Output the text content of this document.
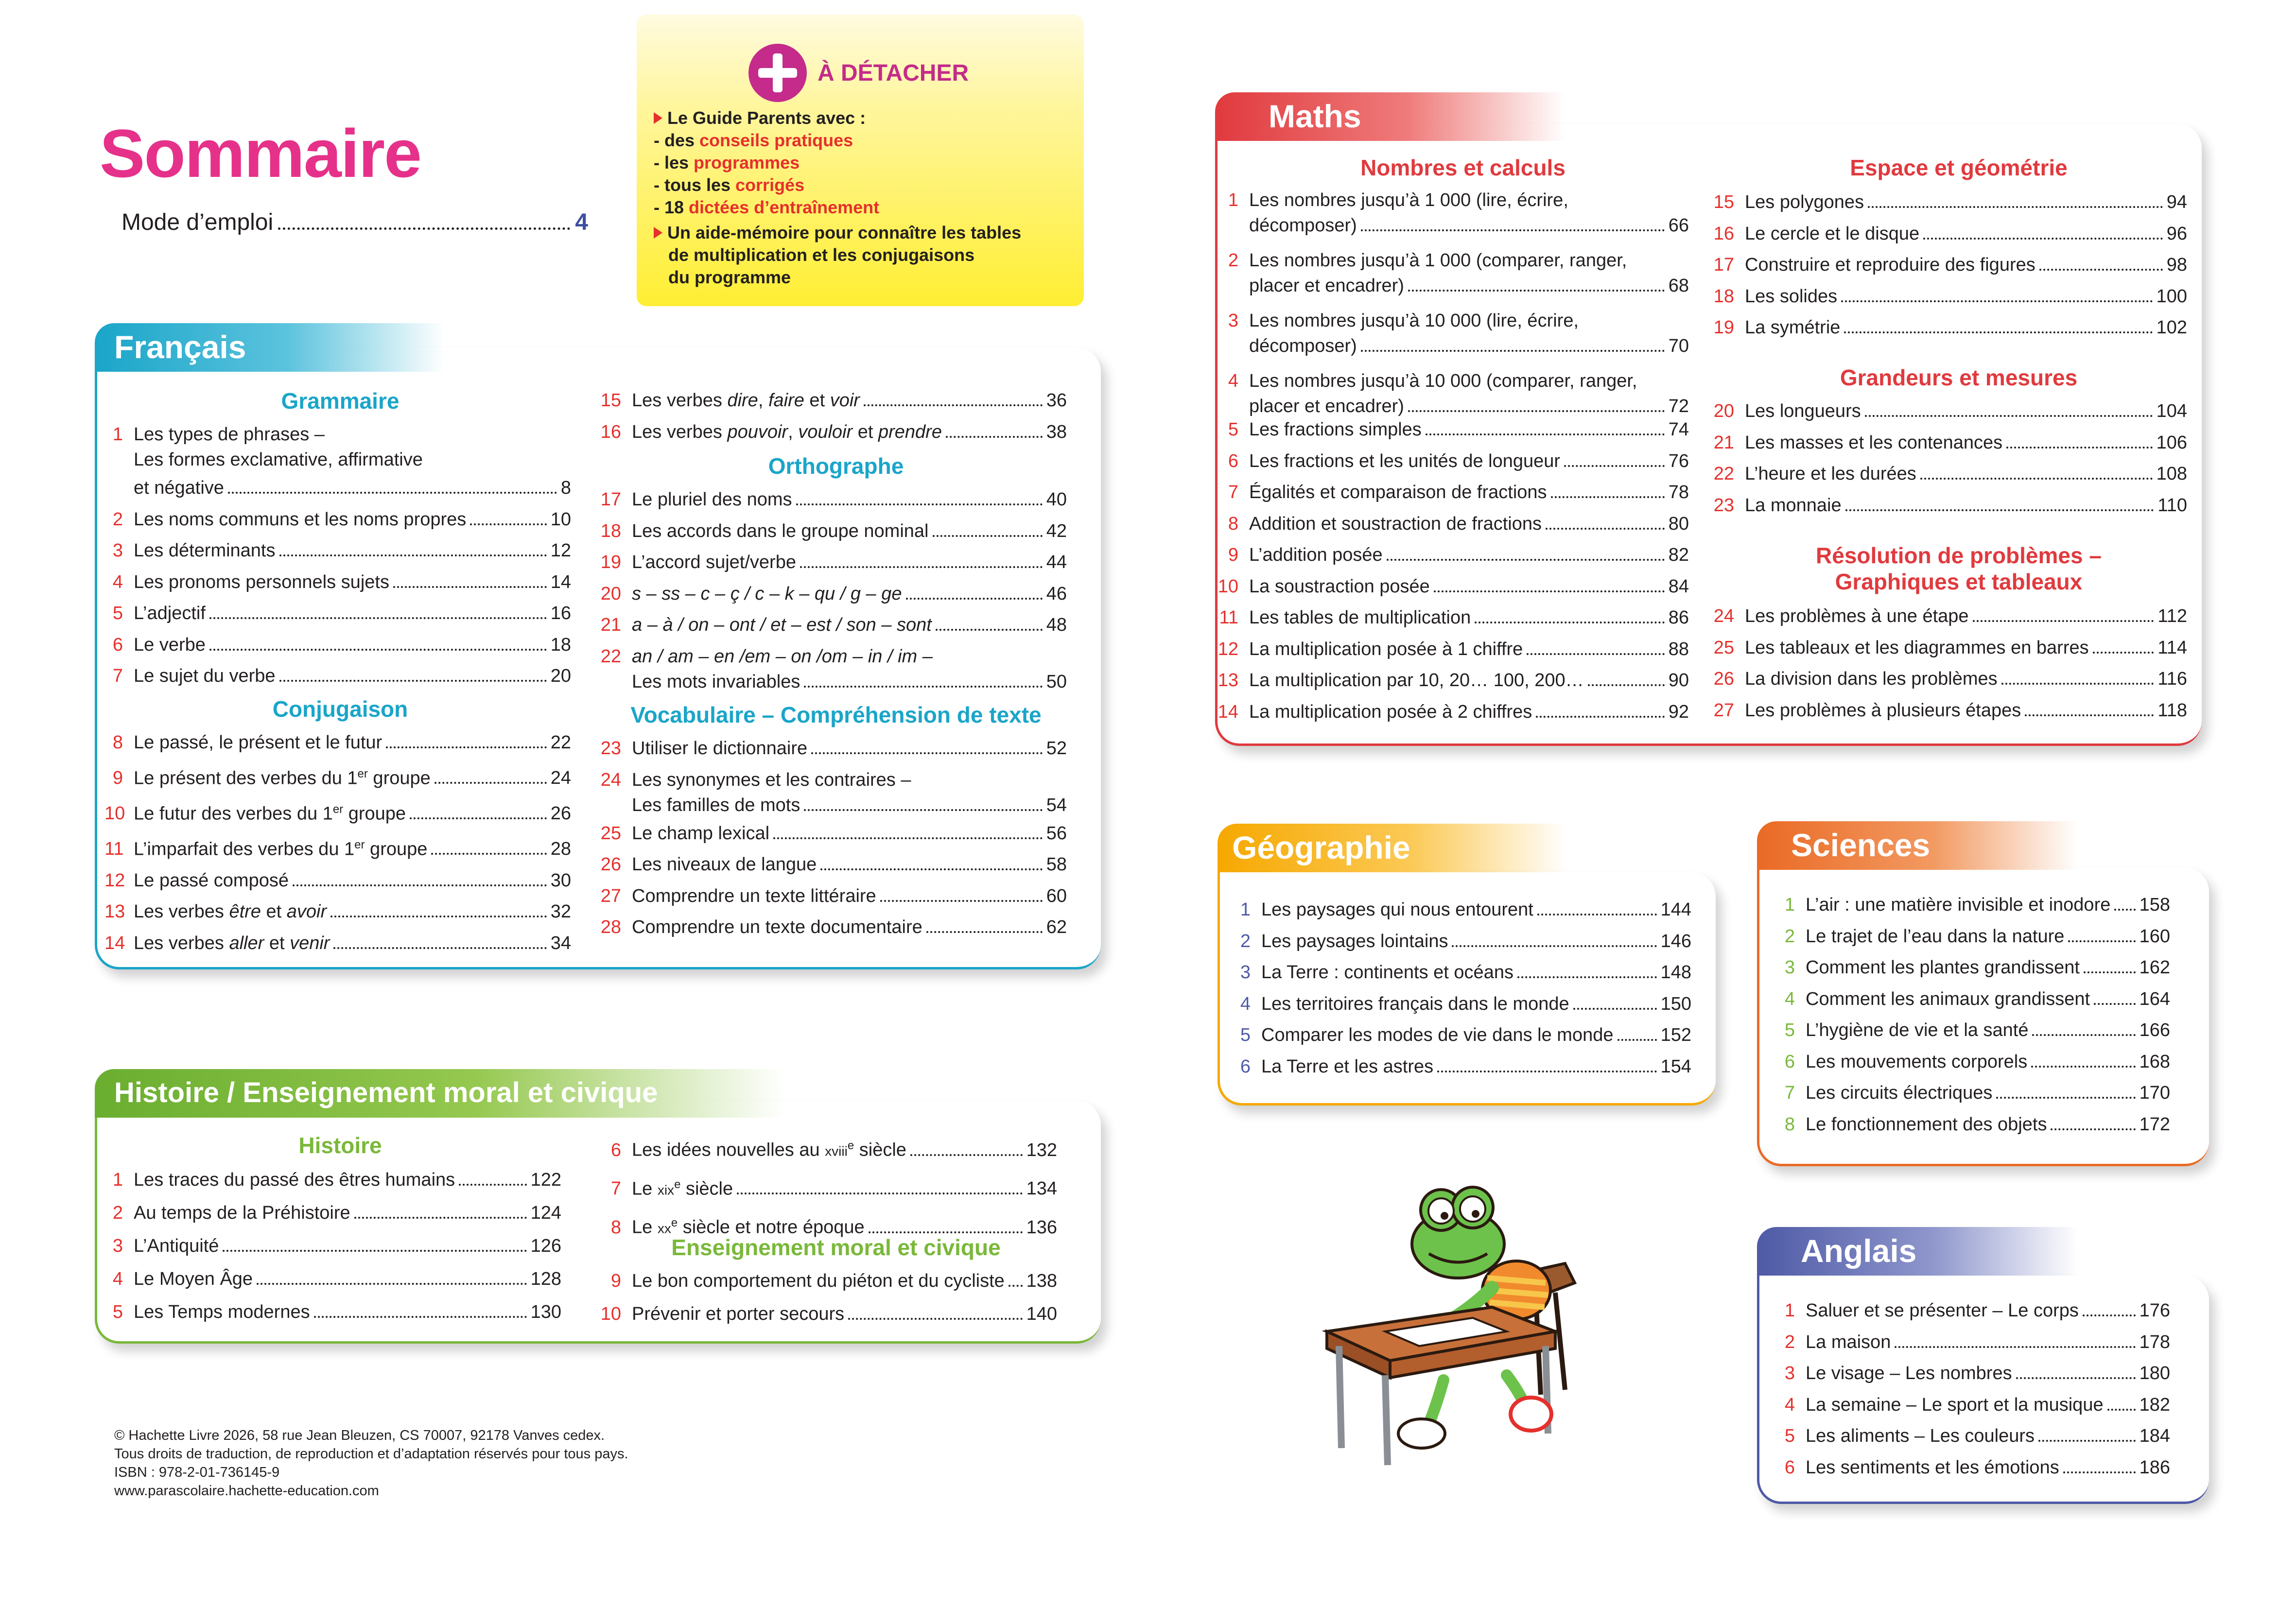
Sommaire
Mode d’emploi	4
À DÉTACHER
Le Guide Parents avec :
- des conseils pratiques
- les programmes
- tous les corrigés
- 18 dictées d’entraînement
Un aide-mémoire pour connaître les tables
de multiplication et les conjugaisons
du programme
Français
Grammaire
1 Les types de phrases –
Les formes exclamative, affirmative
et négative	8
2 Les noms communs et les noms propres	10
3 Les déterminants	12
4 Les pronoms personnels sujets	14
5 L’adjectif	16
6 Le verbe	18
7 Le sujet du verbe	20
Conjugaison
8 Le passé, le présent et le futur	22
9 Le présent des verbes du 1er groupe	24
10 Le futur des verbes du 1er groupe	26
11 L’imparfait des verbes du 1er groupe	28
12 Le passé composé	30
13 Les verbes être et avoir	32
14 Les verbes aller et venir	34
15 Les verbes dire, faire et voir	36
16 Les verbes pouvoir, vouloir et prendre	38
Orthographe
17 Le pluriel des noms	40
18 Les accords dans le groupe nominal	42
19 L’accord sujet/verbe	44
20 s – ss – c – ç / c – k – qu / g – ge	46
21 a – à / on – ont / et – est / son – sont	48
22 an / am – en /em – on /om – in / im –
Les mots invariables	50
Vocabulaire – Compréhension de texte
23 Utiliser le dictionnaire	52
24 Les synonymes et les contraires –
Les familles de mots	54
25 Le champ lexical	56
26 Les niveaux de langue	58
27 Comprendre un texte littéraire	60
28 Comprendre un texte documentaire	62
Histoire / Enseignement moral et civique
Histoire
1 Les traces du passé des êtres humains	122
2 Au temps de la Préhistoire	124
3 L’Antiquité	126
4 Le Moyen Âge	128
5 Les Temps modernes	130
6 Les idées nouvelles au xviii$^e$ siècle	132
7 Le xix$^e$ siècle	134
8 Le $xx^e$ siècle et notre époque	136
Enseignement moral et civique
9 Le bon comportement du piéton et du cycliste 138
10 Prévenir et porter secours	140
Maths
Nombres et calculs
1 Les nombres jusqu’à 1 000 (lire, écrire,
décomposer)	66
2 Les nombres jusqu’à 1 000 (comparer, ranger,
placer et encadrer)	68
3 Les nombres jusqu’à 10 000 (lire, écrire,
décomposer)	70
4 Les nombres jusqu’à 10 000 (comparer, ranger,
placer et encadrer)	72
5 Les fractions simples	74
6 Les fractions et les unités de longueur	76
7 Égalités et comparaison de fractions	78
8 Addition et soustraction de fractions	80
9 L’addition posée	82
10 La soustraction posée	84
11 Les tables de multiplication	86
12 La multiplication posée à 1 chiffre	88
13 La multiplication par 10, 20… 100, 200…	90
14 La multiplication posée à 2 chiffres	92
Espace et géométrie
15 Les polygones	94
16 Le cercle et le disque	96
17 Construire et reproduire des figures	98
18 Les solides	100
19 La symétrie	102
Grandeurs et mesures
20 Les longueurs	104
21 Les masses et les contenances	106
22 L’heure et les durées	108
23 La monnaie	110
Résolution de problèmes –
Graphiques et tableaux
24 Les problèmes à une étape	112
25 Les tableaux et les diagrammes en barres	114
26 La division dans les problèmes	116
27 Les problèmes à plusieurs étapes	118
Géographie
1 Les paysages qui nous entourent	144
2 Les paysages lointains	146
3 La Terre : continents et océans	148
4 Les territoires français dans le monde	150
5 Comparer les modes de vie dans le monde	152
6 La Terre et les astres	154
Sciences
1 L’air : une matière invisible et inodore 158
2 Le trajet de l’eau dans la nature	160
3 Comment les plantes grandissent	162
4 Comment les animaux grandissent	164
5 L’hygiène de vie et la santé	166
6 Les mouvements corporels	168
7 Les circuits électriques	170
8 Le fonctionnement des objets	172
Anglais
1 Saluer et se présenter – Le corps	176
2 La maison	178
3 Le visage – Les nombres	180
4 La semaine – Le sport et la musique 182
5 Les aliments – Les couleurs	184
6 Les sentiments et les émotions	186
© Hachette Livre 2026, 58 rue Jean Bleuzen, CS 70007, 92178 Vanves cedex.
Tous droits de traduction, de reproduction et d’adaptation réservés pour tous pays.
ISBN : 978-2-01-736145-9
www.parascolaire.hachette-education.com
